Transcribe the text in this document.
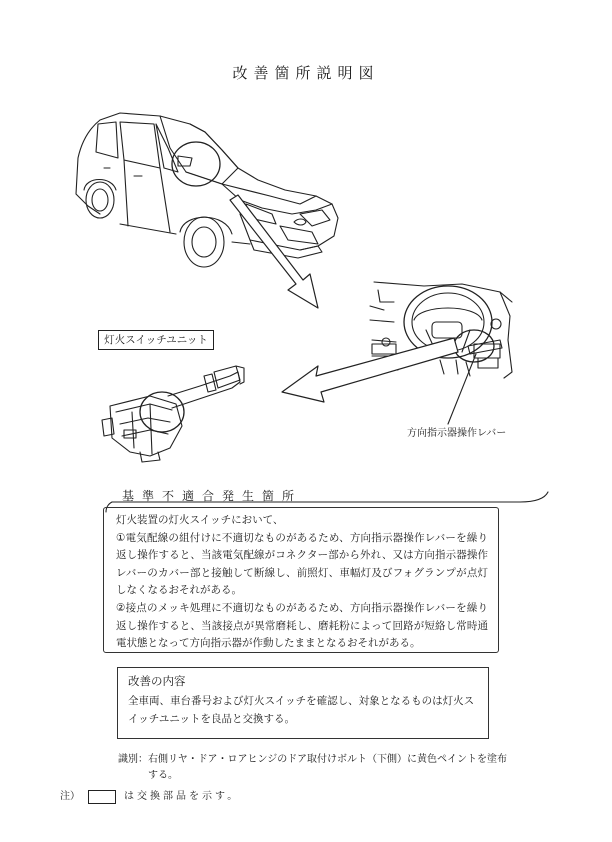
改善箇所説明図
灯火スイッチユニット
方向指示器操作レバー
基準不適合発生箇所
灯火装置の灯火スイッチにおいて、
①電気配線の組付けに不適切なものがあるため、方向指示器操作レバーを繰り返し操作すると、当該電気配線がコネクター部から外れ、又は方向指示器操作レバーのカバー部と接触して断線し、前照灯、車幅灯及びフォグランプが点灯しなくなるおそれがある。
②接点のメッキ処理に不適切なものがあるため、方向指示器操作レバーを繰り返し操作すると、当該接点が異常磨耗し、磨耗粉によって回路が短絡し常時通電状態となって方向指示器が作動したままとなるおそれがある。
改善の内容
全車両、車台番号および灯火スイッチを確認し、対象となるものは灯火スイッチユニットを良品と交換する。
識別： 右側リヤ・ドア・ロアヒンジのドア取付けボルト（下側）に黄色ペイントを塗布する。
注）	は交換部品を示す。
